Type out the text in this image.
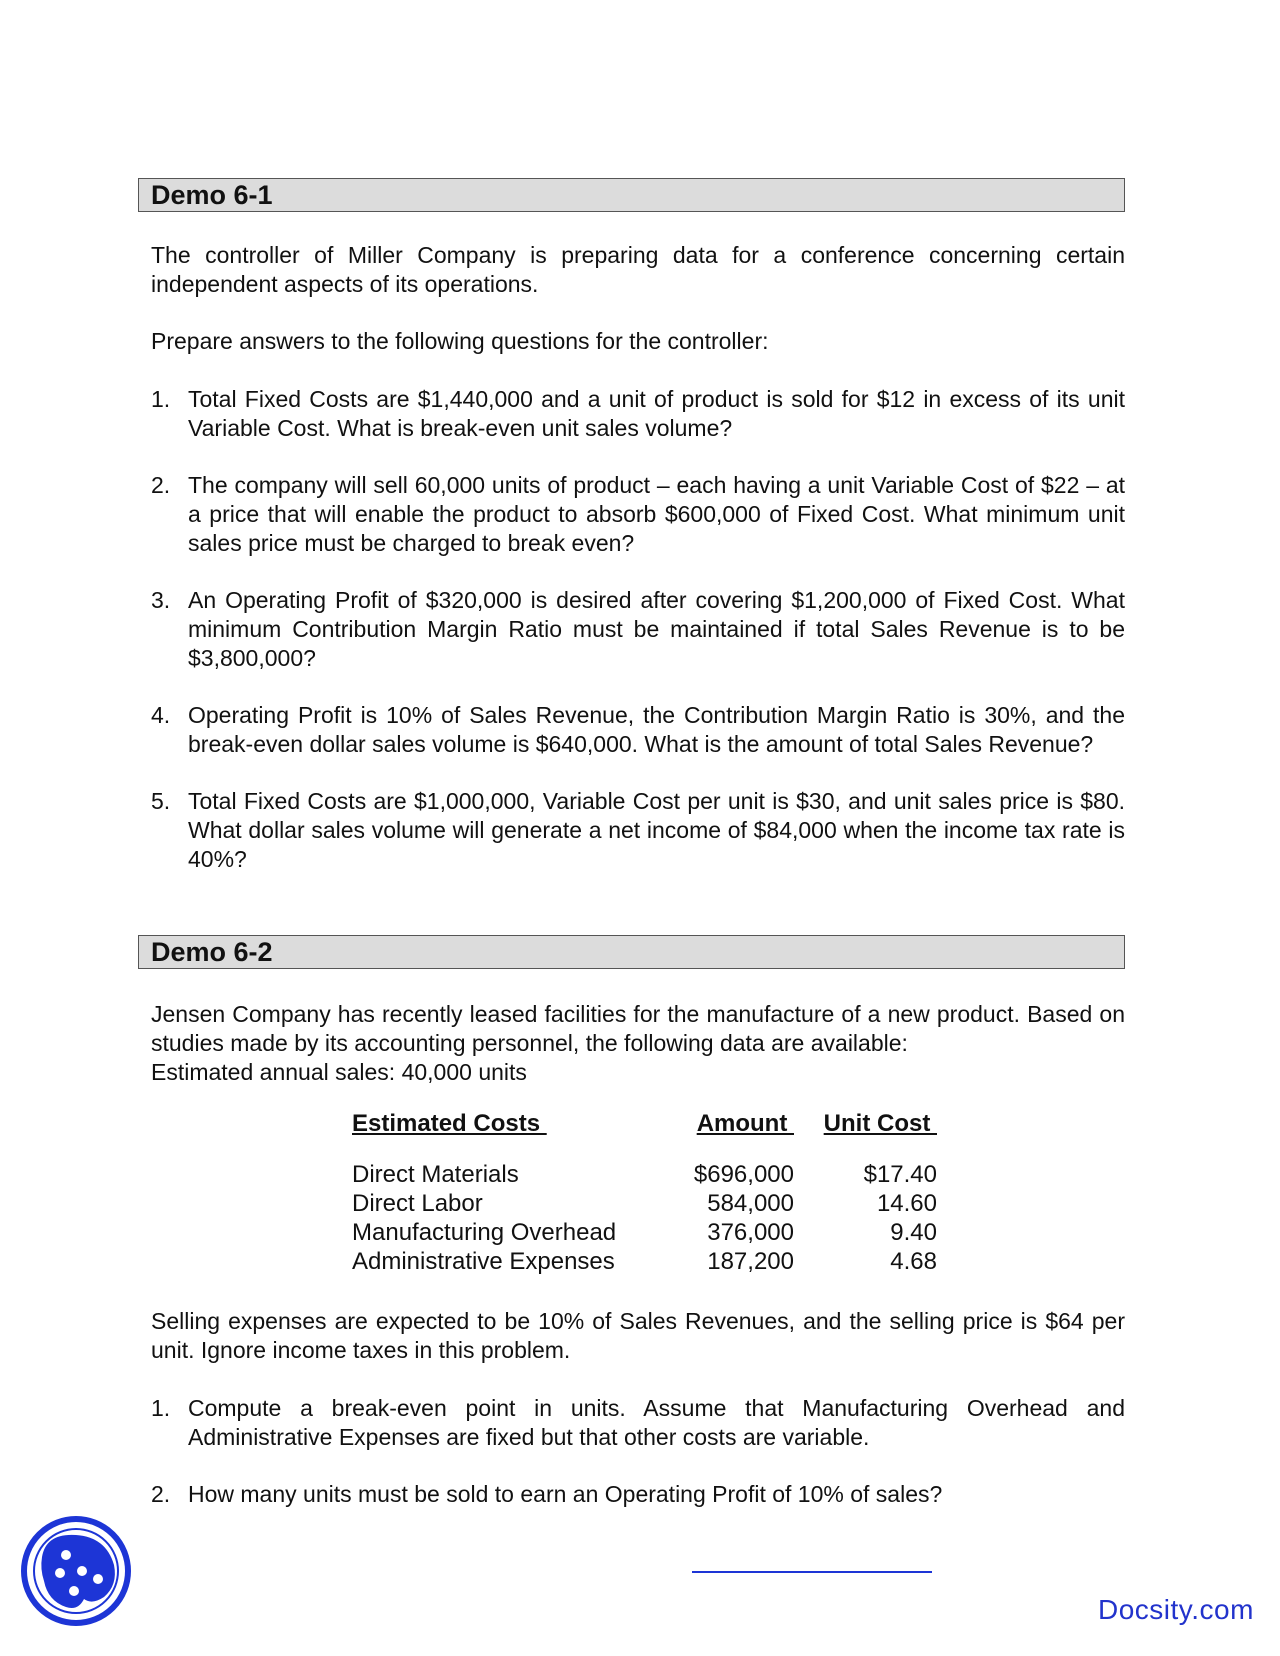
Demo 6-1

The controller of Miller Company is preparing data for a conference concerning certain independent aspects of its operations.

Prepare answers to the following questions for the controller:

1. Total Fixed Costs are $1,440,000 and a unit of product is sold for $12 in excess of its unit Variable Cost. What is break-even unit sales volume?
2. The company will sell 60,000 units of product – each having a unit Variable Cost of $22 – at a price that will enable the product to absorb $600,000 of Fixed Cost. What minimum unit sales price must be charged to break even?
3. An Operating Profit of $320,000 is desired after covering $1,200,000 of Fixed Cost. What minimum Contribution Margin Ratio must be maintained if total Sales Revenue is to be $3,800,000?
4. Operating Profit is 10% of Sales Revenue, the Contribution Margin Ratio is 30%, and the break-even dollar sales volume is $640,000. What is the amount of total Sales Revenue?
5. Total Fixed Costs are $1,000,000, Variable Cost per unit is $30, and unit sales price is $80. What dollar sales volume will generate a net income of $84,000 when the income tax rate is 40%?
Demo 6-2

Jensen Company has recently leased facilities for the manufacture of a new product. Based on studies made by its accounting personnel, the following data are available:
Estimated annual sales: 40,000 units

Estimated Costs	Amount	Unit Cost

Direct Materials	$696,000	$17.40
Direct Labor	584,000	14.60
Manufacturing Overhead	376,000	9.40
Administrative Expenses	187,200	4.68

Selling expenses are expected to be 10% of Sales Revenues, and the selling price is $64 per unit. Ignore income taxes in this problem.

1. Compute a break-even point in units. Assume that Manufacturing Overhead and Administrative Expenses are fixed but that other costs are variable.
2. How many units must be sold to earn an Operating Profit of 10% of sales?
Docsity.com
